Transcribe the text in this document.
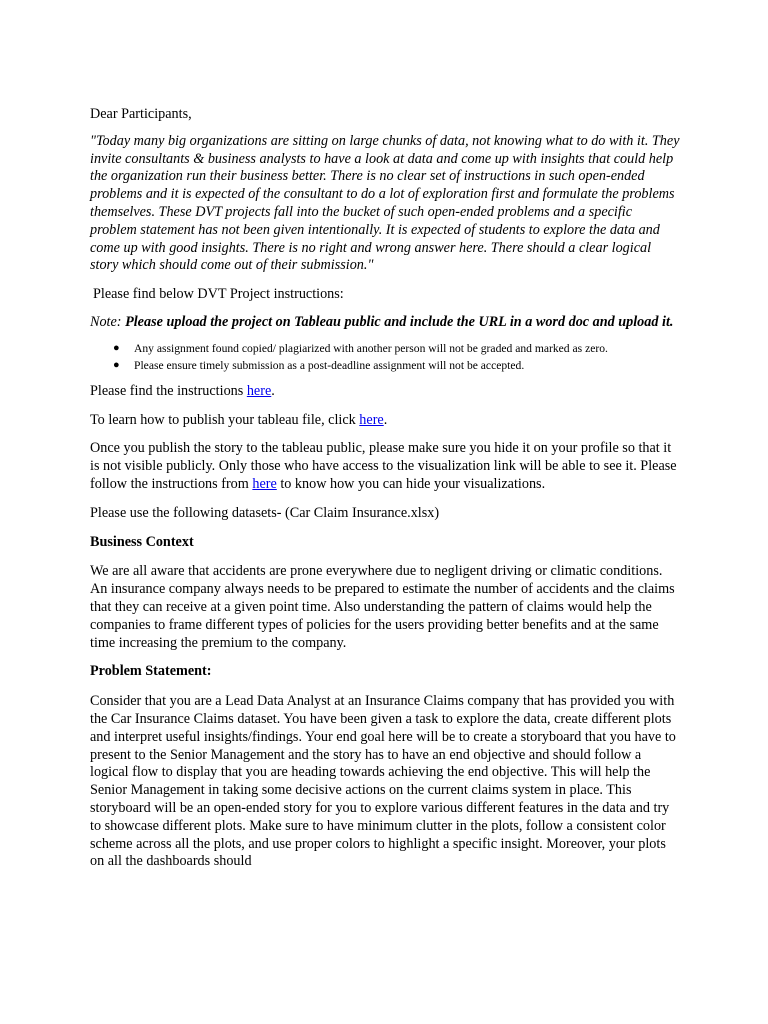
Dear Participants,

"Today many big organizations are sitting on large chunks of data, not knowing what to do with it. They invite consultants & business analysts to have a look at data and come up with insights that could help the organization run their business better. There is no clear set of instructions in such open-ended problems and it is expected of the consultant to do a lot of exploration first and formulate the problems themselves. These DVT projects fall into the bucket of such open-ended problems and a specific problem statement has not been given intentionally. It is expected of students to explore the data and come up with good insights. There is no right and wrong answer here. There should a clear logical story which should come out of their submission."

Please find below DVT Project instructions:

Note: Please upload the project on Tableau public and include the URL in a word doc and upload it.

● Any assignment found copied/ plagiarized with another person will not be graded and marked as zero.
● Please ensure timely submission as a post-deadline assignment will not be accepted.

Please find the instructions here.

To learn how to publish your tableau file, click here.

Once you publish the story to the tableau public, please make sure you hide it on your profile so that it is not visible publicly. Only those who have access to the visualization link will be able to see it. Please follow the instructions from here to know how you can hide your visualizations.

Please use the following datasets- (Car Claim Insurance.xlsx)

Business Context

We are all aware that accidents are prone everywhere due to negligent driving or climatic conditions. An insurance company always needs to be prepared to estimate the number of accidents and the claims that they can receive at a given point time. Also understanding the pattern of claims would help the companies to frame different types of policies for the users providing better benefits and at the same time increasing the premium to the company.

Problem Statement:

Consider that you are a Lead Data Analyst at an Insurance Claims company that has provided you with the Car Insurance Claims dataset. You have been given a task to explore the data, create different plots and interpret useful insights/findings. Your end goal here will be to create a storyboard that you have to present to the Senior Management and the story has to have an end objective and should follow a logical flow to display that you are heading towards achieving the end objective. This will help the Senior Management in taking some decisive actions on the current claims system in place. This storyboard will be an open-ended story for you to explore various different features in the data and try to showcase different plots. Make sure to have minimum clutter in the plots, follow a consistent color scheme across all the plots, and use proper colors to highlight a specific insight. Moreover, your plots on all the dashboards should
